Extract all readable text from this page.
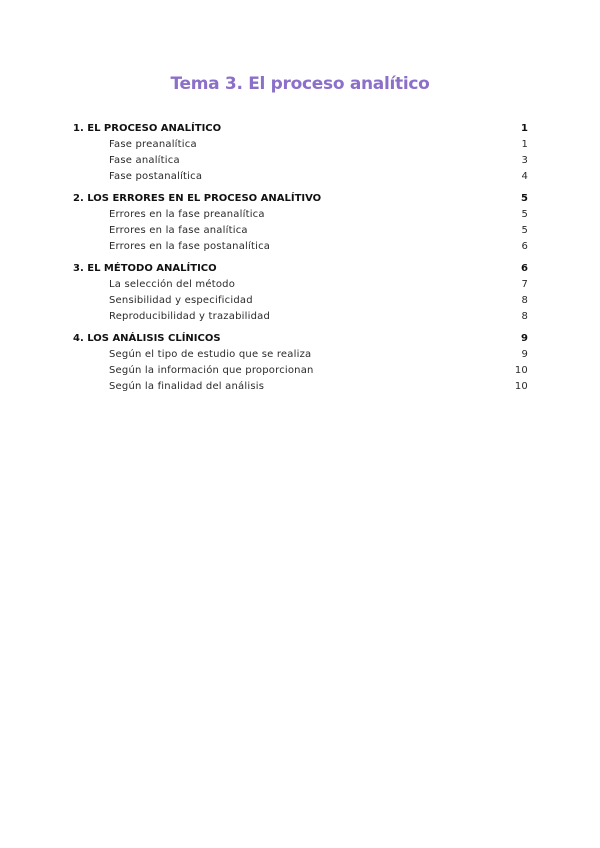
Tema 3. El proceso analítico
1. EL PROCESO ANALÍTICO	1
Fase preanalítica	1
Fase analítica	3
Fase postanalítica	4
2. LOS ERRORES EN EL PROCESO ANALÍTIVO	5
Errores en la fase preanalítica	5
Errores en la fase analítica	5
Errores en la fase postanalítica	6
3. EL MÉTODO ANALÍTICO	6
La selección del método	7
Sensibilidad y especificidad	8
Reproducibilidad y trazabilidad	8
4. LOS ANÁLISIS CLÍNICOS	9
Según el tipo de estudio que se realiza	9
Según la información que proporcionan	10
Según la finalidad del análisis	10
